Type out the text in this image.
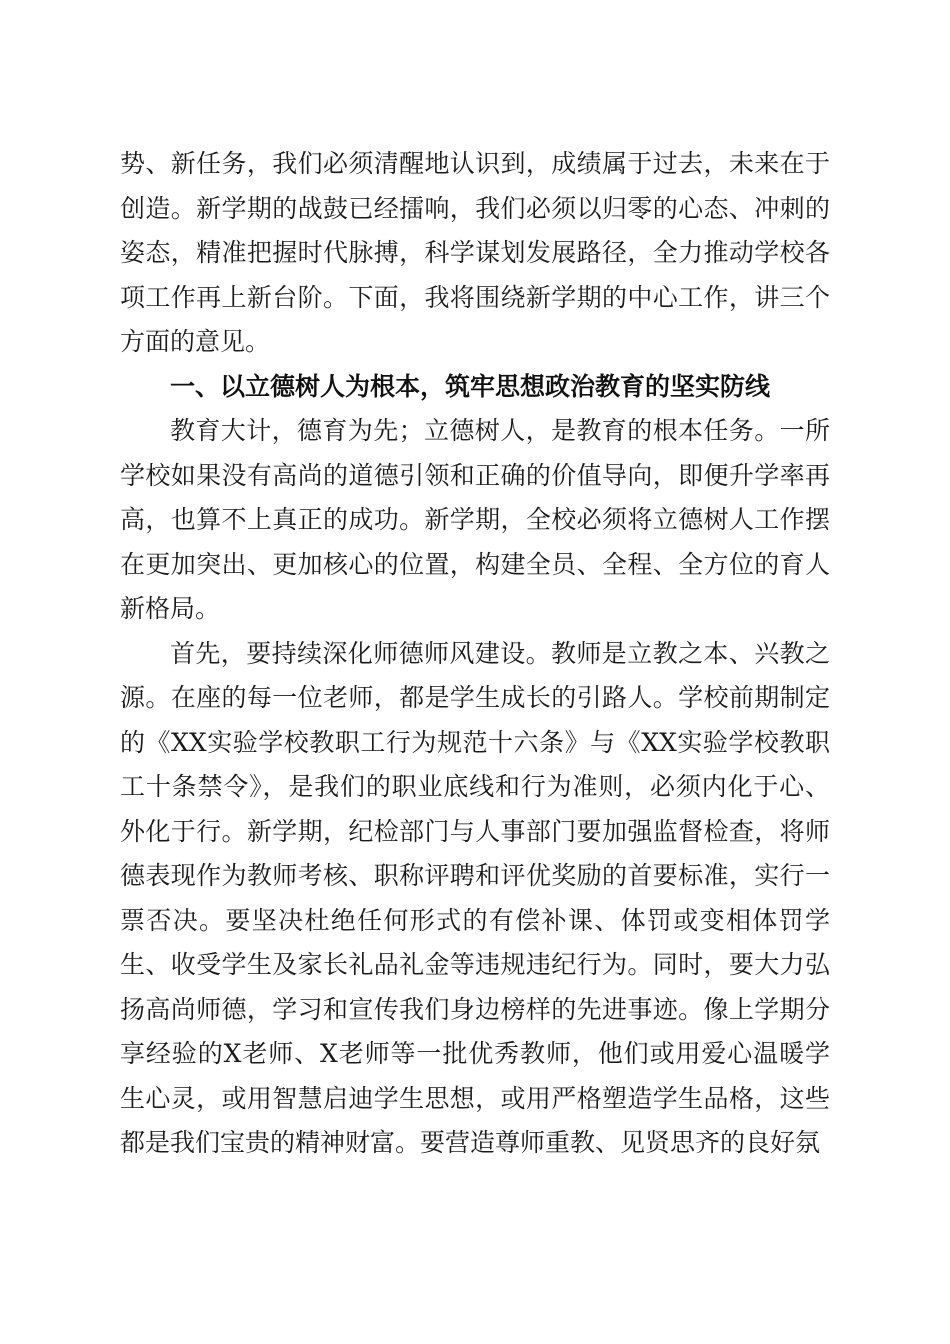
势、新任务，我们必须清醒地认识到，成绩属于过去，未来在于创造。新学期的战鼓已经擂响，我们必须以归零的心态、冲刺的姿态，精准把握时代脉搏，科学谋划发展路径，全力推动学校各项工作再上新台阶。下面，我将围绕新学期的中心工作，讲三个方面的意见。

一、以立德树人为根本，筑牢思想政治教育的坚实防线

教育大计，德育为先；立德树人，是教育的根本任务。一所学校如果没有高尚的道德引领和正确的价值导向，即便升学率再高，也算不上真正的成功。新学期，全校必须将立德树人工作摆在更加突出、更加核心的位置，构建全员、全程、全方位的育人新格局。

首先，要持续深化师德师风建设。教师是立教之本、兴教之源。在座的每一位老师，都是学生成长的引路人。学校前期制定的《XX实验学校教职工行为规范十六条》与《XX实验学校教职工十条禁令》，是我们的职业底线和行为准则，必须内化于心、外化于行。新学期，纪检部门与人事部门要加强监督检查，将师德表现作为教师考核、职称评聘和评优奖励的首要标准，实行一票否决。要坚决杜绝任何形式的有偿补课、体罚或变相体罚学生、收受学生及家长礼品礼金等违规违纪行为。同时，要大力弘扬高尚师德，学习和宣传我们身边榜样的先进事迹。像上学期分享经验的X老师、X老师等一批优秀教师，他们或用爱心温暖学生心灵，或用智慧启迪学生思想，或用严格塑造学生品格，这些都是我们宝贵的精神财富。要营造尊师重教、见贤思齐的良好氛
